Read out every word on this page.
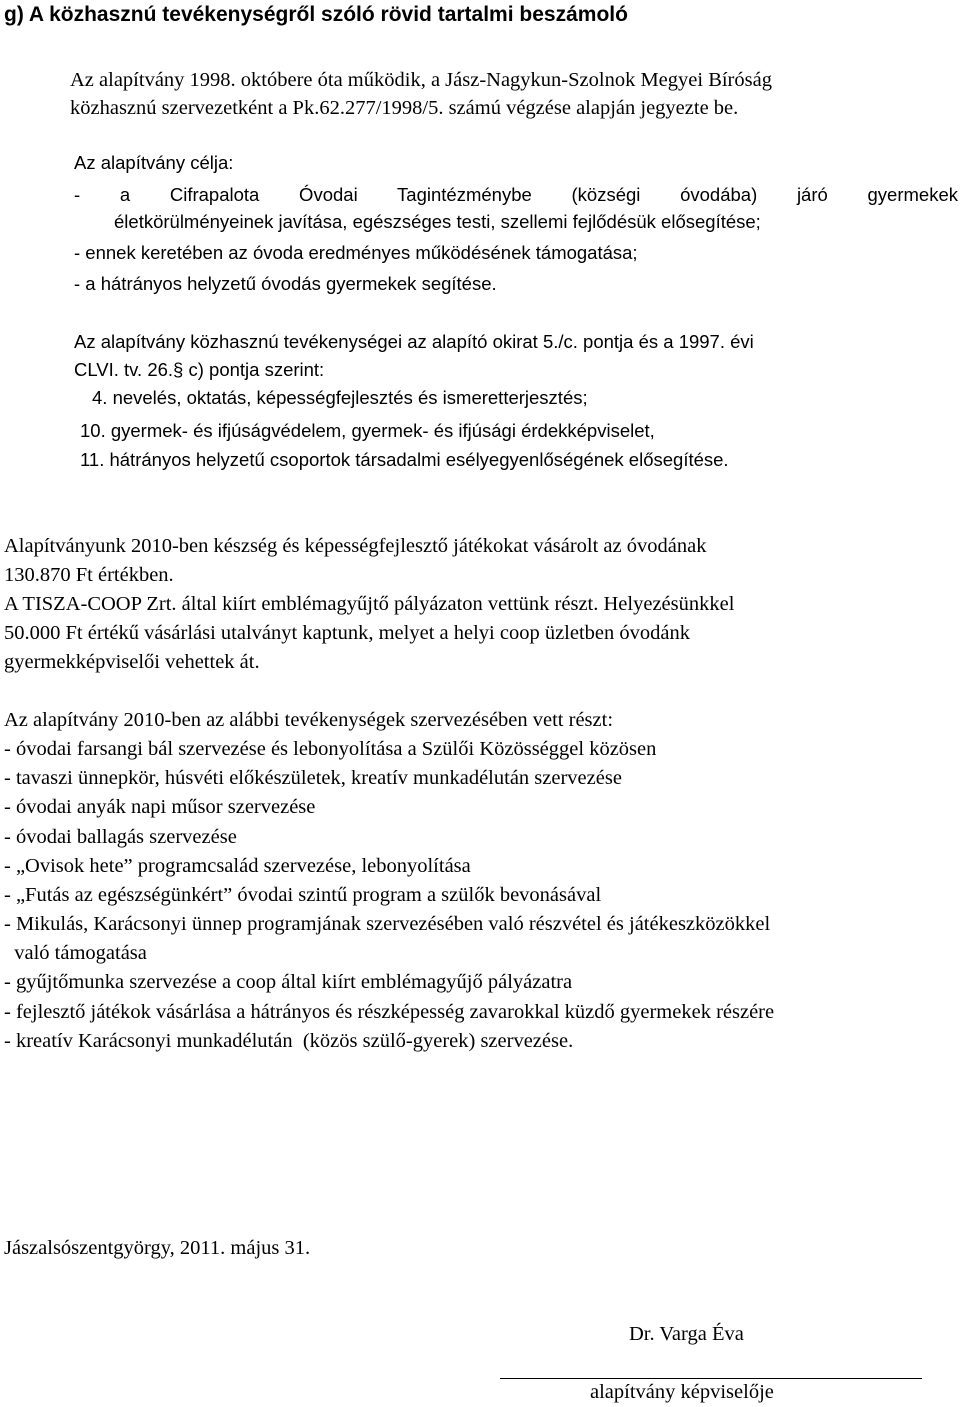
g) A közhasznú tevékenységről szóló rövid tartalmi beszámoló
Az alapítvány 1998. októbere óta működik, a Jász-Nagykun-Szolnok Megyei Bíróság
közhasznú szervezetként a Pk.62.277/1998/5. számú végzése alapján jegyezte be.
Az alapítvány célja:
- a Cifrapalota Óvodai Tagintézménybe (községi óvodába) járó gyermekek
életkörülményeinek javítása, egészséges testi, szellemi fejlődésük elősegítése;
- ennek keretében az óvoda eredményes működésének támogatása;
- a hátrányos helyzetű óvodás gyermekek segítése.
Az alapítvány közhasznú tevékenységei az alapító okirat 5./c. pontja és a 1997. évi
CLVI. tv. 26.§ c) pontja szerint:
4. nevelés, oktatás, képességfejlesztés és ismeretterjesztés;
10. gyermek- és ifjúságvédelem, gyermek- és ifjúsági érdekképviselet,
11. hátrányos helyzetű csoportok társadalmi esélyegyenlőségének elősegítése.
Alapítványunk 2010-ben készség és képességfejlesztő játékokat vásárolt az óvodának
130.870 Ft értékben.
A TISZA-COOP Zrt. által kiírt emblémagyűjtő pályázaton vettünk részt. Helyezésünkkel
50.000 Ft értékű vásárlási utalványt kaptunk, melyet a helyi coop üzletben óvodánk
gyermekképviselői vehettek át.
Az alapítvány 2010-ben az alábbi tevékenységek szervezésében vett részt:
- óvodai farsangi bál szervezése és lebonyolítása a Szülői Közösséggel közösen
- tavaszi ünnepkör, húsvéti előkészületek, kreatív munkadélután szervezése
- óvodai anyák napi műsor szervezése
- óvodai ballagás szervezése
- „Ovisok hete” programcsalád szervezése, lebonyolítása
- „Futás az egészségünkért” óvodai szintű program a szülők bevonásával
- Mikulás, Karácsonyi ünnep programjának szervezésében való részvétel és játékeszközökkel
való támogatása
- gyűjtőmunka szervezése a coop által kiírt emblémagyűjő pályázatra
- fejlesztő játékok vásárlása a hátrányos és részképesség zavarokkal küzdő gyermekek részére
- kreatív Karácsonyi munkadélután  (közös szülő-gyerek) szervezése.
Jászalsószentgyörgy, 2011. május 31.
Dr. Varga Éva
alapítvány képviselője
